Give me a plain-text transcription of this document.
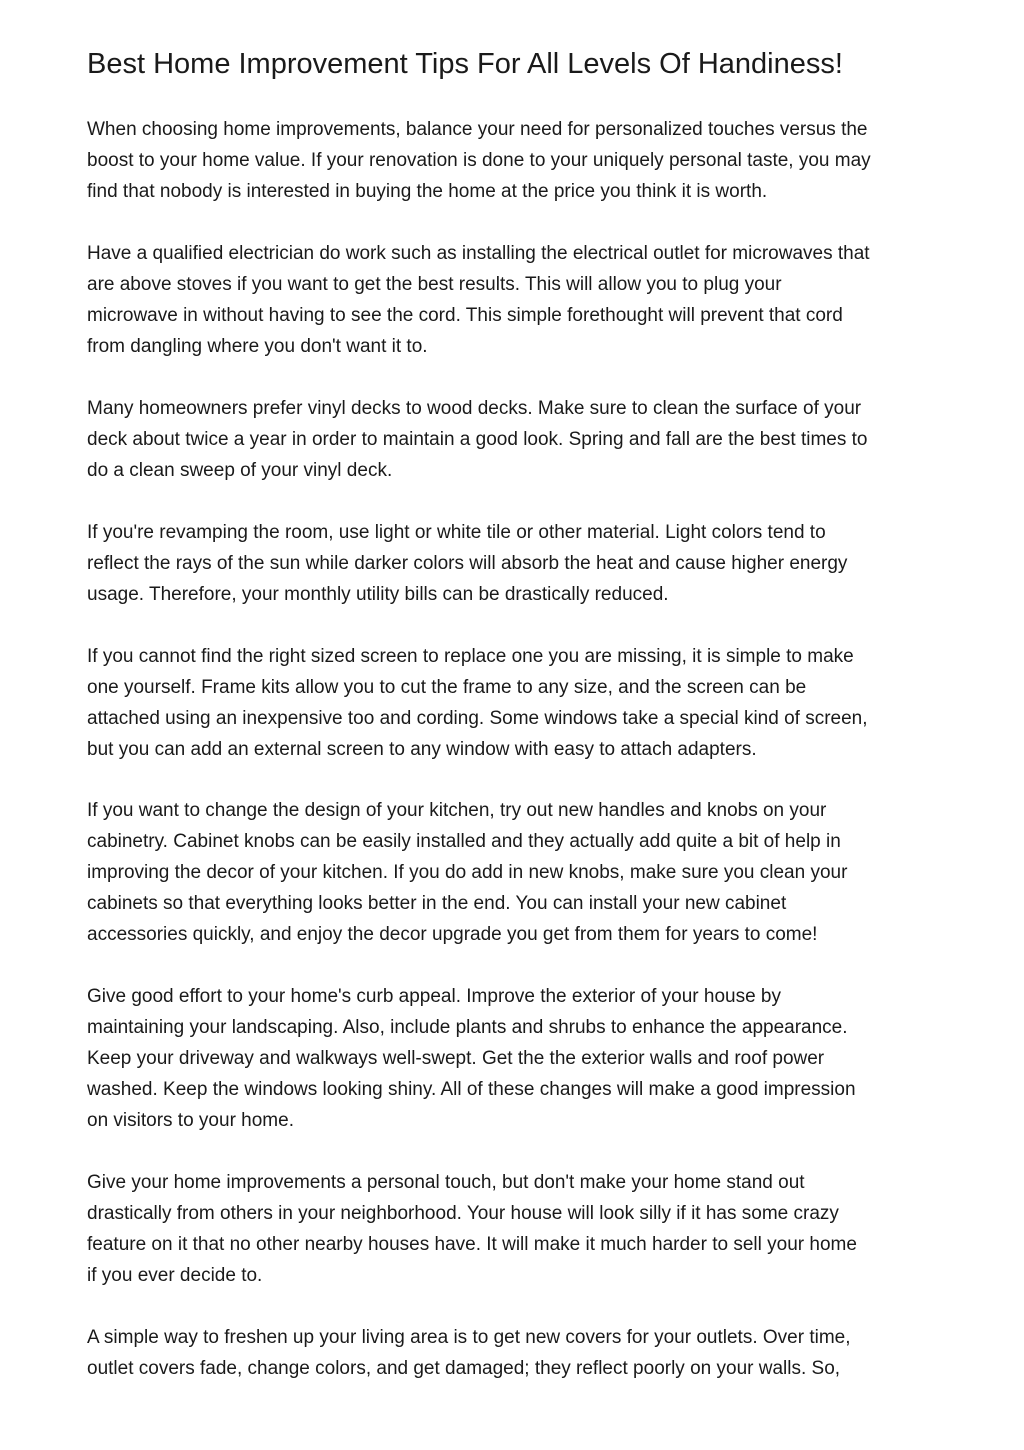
Best Home Improvement Tips For All Levels Of Handiness!

When choosing home improvements, balance your need for personalized touches versus the
boost to your home value. If your renovation is done to your uniquely personal taste, you may
find that nobody is interested in buying the home at the price you think it is worth.

Have a qualified electrician do work such as installing the electrical outlet for microwaves that
are above stoves if you want to get the best results. This will allow you to plug your
microwave in without having to see the cord. This simple forethought will prevent that cord
from dangling where you don't want it to.

Many homeowners prefer vinyl decks to wood decks. Make sure to clean the surface of your
deck about twice a year in order to maintain a good look. Spring and fall are the best times to
do a clean sweep of your vinyl deck.

If you're revamping the room, use light or white tile or other material. Light colors tend to
reflect the rays of the sun while darker colors will absorb the heat and cause higher energy
usage. Therefore, your monthly utility bills can be drastically reduced.

If you cannot find the right sized screen to replace one you are missing, it is simple to make
one yourself. Frame kits allow you to cut the frame to any size, and the screen can be
attached using an inexpensive too and cording. Some windows take a special kind of screen,
but you can add an external screen to any window with easy to attach adapters.

If you want to change the design of your kitchen, try out new handles and knobs on your
cabinetry. Cabinet knobs can be easily installed and they actually add quite a bit of help in
improving the decor of your kitchen. If you do add in new knobs, make sure you clean your
cabinets so that everything looks better in the end. You can install your new cabinet
accessories quickly, and enjoy the decor upgrade you get from them for years to come!

Give good effort to your home's curb appeal. Improve the exterior of your house by
maintaining your landscaping. Also, include plants and shrubs to enhance the appearance.
Keep your driveway and walkways well-swept. Get the the exterior walls and roof power
washed. Keep the windows looking shiny. All of these changes will make a good impression
on visitors to your home.

Give your home improvements a personal touch, but don't make your home stand out
drastically from others in your neighborhood. Your house will look silly if it has some crazy
feature on it that no other nearby houses have. It will make it much harder to sell your home
if you ever decide to.

A simple way to freshen up your living area is to get new covers for your outlets. Over time,
outlet covers fade, change colors, and get damaged; they reflect poorly on your walls. So,
